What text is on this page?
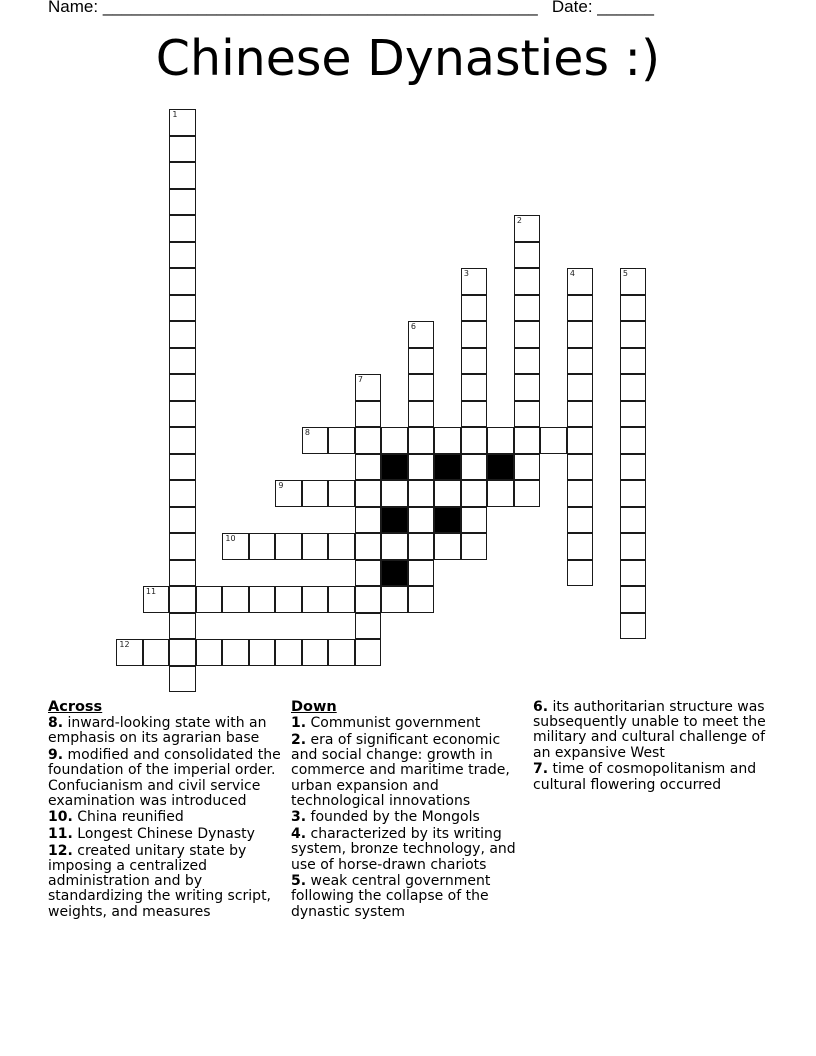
Name: ______________________________________________ Date: ______
Chinese Dynasties :)
1
2
3	4	5
6
7
8
9
10
11
12
Across
8. inward-looking state with an emphasis on its agrarian base
9. modified and consolidated the foundation of the imperial order. Confucianism and civil service examination was introduced
10. China reunified
11. Longest Chinese Dynasty
12. created unitary state by imposing a centralized administration and by standardizing the writing script, weights, and measures
Down
1. Communist government
2. era of significant economic and social change: growth in commerce and maritime trade, urban expansion and technological innovations
3. founded by the Mongols
4. characterized by its writing system, bronze technology, and use of horse-drawn chariots
5. weak central government following the collapse of the dynastic system
6. its authoritarian structure was subsequently unable to meet the military and cultural challenge of an expansive West
7. time of cosmopolitanism and cultural flowering occurred
